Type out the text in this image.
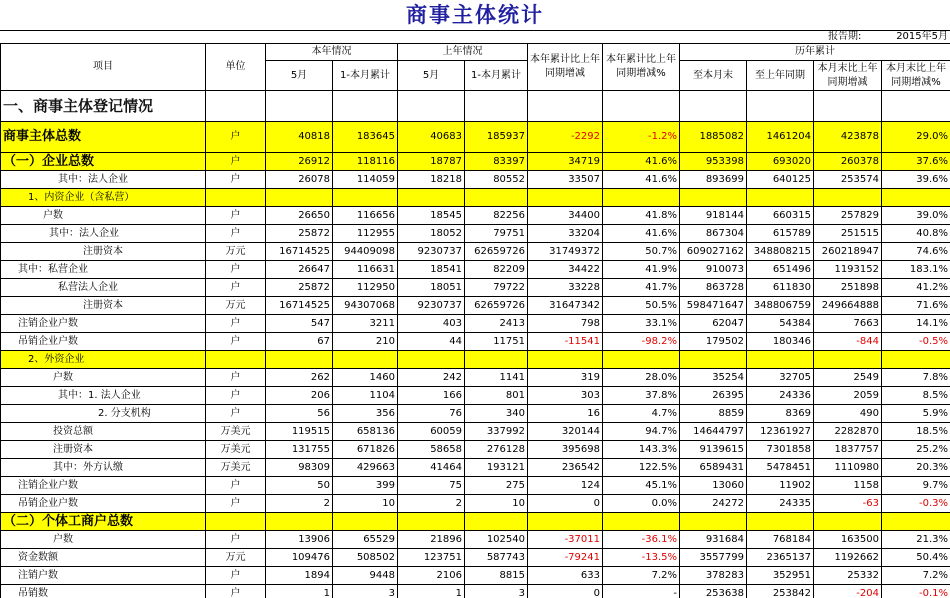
商事主体统计
报告期:	2015年5月
项目	单位	本年情况		上年情况		本年累计比上年同期增减	本年累计比上年同期增减%	历年累计			
		5月	1-本月累计	5月	1-本月累计			至本月末	至上年同期	本月末比上年同期增减	本月末比上年同期增减%
一、商事主体登记情况											
商事主体总数	户	40818	183645	40683	185937	-2292	-1.2%	1885082	1461204	423878	29.0%
（一）企业总数	户	26912	118116	18787	83397	34719	41.6%	953398	693020	260378	37.6%
其中：法人企业	户	26078	114059	18218	80552	33507	41.6%	893699	640125	253574	39.6%
1、内资企业（含私营）											
户数	户	26650	116656	18545	82256	34400	41.8%	918144	660315	257829	39.0%
其中：法人企业	户	25872	112955	18052	79751	33204	41.6%	867304	615789	251515	40.8%
注册资本	万元	16714525	94409098	9230737	62659726	31749372	50.7%	609027162	348808215	260218947	74.6%
其中：私营企业	户	26647	116631	18541	82209	34422	41.9%	910073	651496	1193152	183.1%
私营法人企业	户	25872	112950	18051	79722	33228	41.7%	863728	611830	251898	41.2%
注册资本	万元	16714525	94307068	9230737	62659726	31647342	50.5%	598471647	348806759	249664888	71.6%
注销企业户数	户	547	3211	403	2413	798	33.1%	62047	54384	7663	14.1%
吊销企业户数	户	67	210	44	11751	-11541	-98.2%	179502	180346	-844	-0.5%
2、外资企业											
户数	户	262	1460	242	1141	319	28.0%	35254	32705	2549	7.8%
其中：1. 法人企业	户	206	1104	166	801	303	37.8%	26395	24336	2059	8.5%
2. 分支机构	户	56	356	76	340	16	4.7%	8859	8369	490	5.9%
投资总额	万美元	119515	658136	60059	337992	320144	94.7%	14644797	12361927	2282870	18.5%
注册资本	万美元	131755	671826	58658	276128	395698	143.3%	9139615	7301858	1837757	25.2%
其中：外方认缴	万美元	98309	429663	41464	193121	236542	122.5%	6589431	5478451	1110980	20.3%
注销企业户数	户	50	399	75	275	124	45.1%	13060	11902	1158	9.7%
吊销企业户数	户	2	10	2	10	0	0.0%	24272	24335	-63	-0.3%
（二）个体工商户总数											
户数	户	13906	65529	21896	102540	-37011	-36.1%	931684	768184	163500	21.3%
资金数额	万元	109476	508502	123751	587743	-79241	-13.5%	3557799	2365137	1192662	50.4%
注销户数	户	1894	9448	2106	8815	633	7.2%	378283	352951	25332	7.2%
吊销数	户	1	3	1	3	0	-	253638	253842	-204	-0.1%
